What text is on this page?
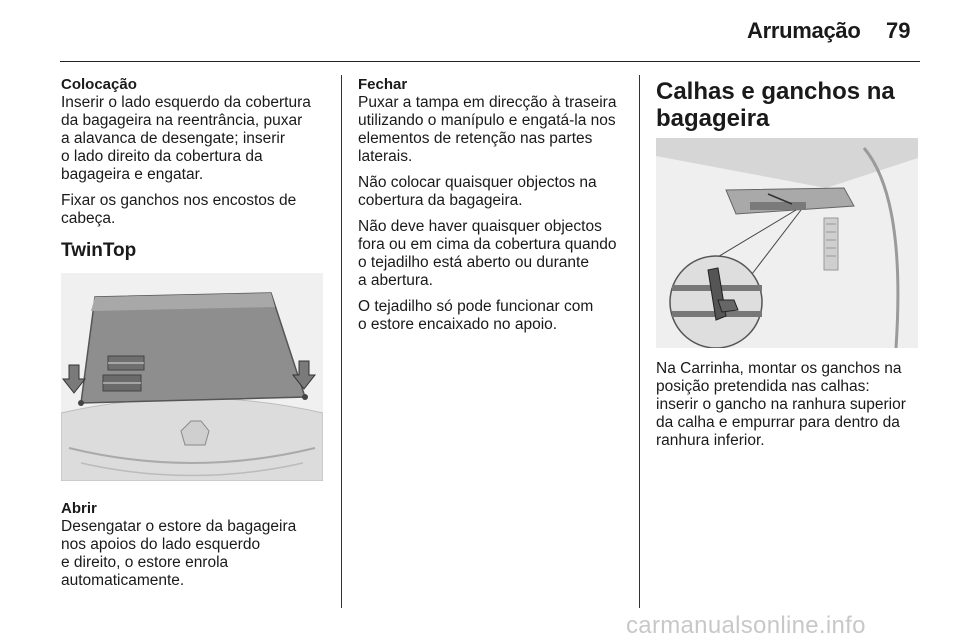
Arrumação 79
Colocação

Inserir o lado esquerdo da cobertura
da bagageira na reentrância, puxar
a alavanca de desengate; inserir
o lado direito da cobertura da
bagageira e engatar.

Fixar os ganchos nos encostos de
cabeça.

TwinTop
Abrir

Desengatar o estore da bagageira
nos apoios do lado esquerdo
e direito, o estore enrola
automaticamente.

Fechar

Puxar a tampa em direcção à traseira
utilizando o manípulo e engatá-la nos
elementos de retenção nas partes
laterais.

Não colocar quaisquer objectos na
cobertura da bagageira.

Não deve haver quaisquer objectos
fora ou em cima da cobertura quando
o tejadilho está aberto ou durante
a abertura.

O tejadilho só pode funcionar com
o estore encaixado no apoio.

Calhas e ganchos na
bagageira

Na Carrinha, montar os ganchos na
posição pretendida nas calhas:
inserir o gancho na ranhura superior
da calha e empurrar para dentro da
ranhura inferior.

carmanualsonline.info
